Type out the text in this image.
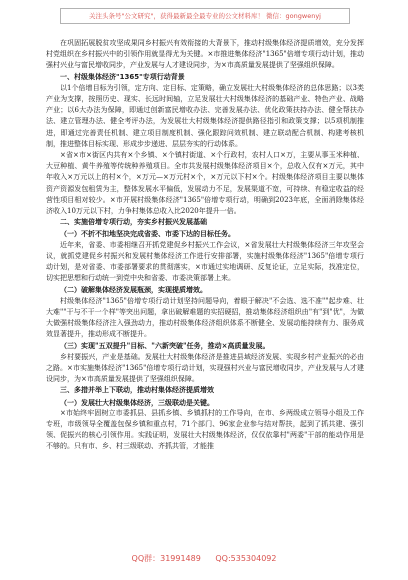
关注头条号"公文研究"，获得最新最全最专业的公文材料库！ 微信：gongwenyj

在巩固拓展脱贫攻坚成果同乡村振兴有效衔接的大背景下，推动村级集体经济提质增效，充分发挥村党组织在乡村振兴中的引领作用就显得尤为关键。×市推进集体经济"1365"倍增专项行动计划，推动强村兴业与富民增收同步，产业发展与人才建设同步，为×市高质量发展提供了坚强组织保障。

一、村级集体经济"1365"专项行动背景

以1个倍增目标为引领，定方向、定目标、定策略，确立发展壮大村级集体经济的总体思路；以3类产业为支撑，按照历史、现实、长远时间轴，立足发展壮大村级集体经济的基础产业、特色产业、战略产业；以6大办法为保障，即通过创新富民增收办法、完善发展办法、优化政策扶持办法、健全帮扶办法、建立管理办法、健全考评办法，为发展壮大村级集体经济提供路径指引和政策支撑；以5项机制推进，即通过完善责任机制、建立项目制度机制、强化跟踪问效机制、建立联动配合机制、构建考核机制，推进整体目标实现、形成步步递进、层层夯实的行动体系。

×省×市×街区内共有×个乡镇、×个镇村街道、×个行政村，农村人口×万，主要从事玉米种植、大豆种植、黄牛养殖等传统种养殖项目。全市共发展村级集体经济项目×个，总收入仅有×万元，其中年收入×万元以上的村×个，×万元—×万元村×个，×万元以下村×个。村级集体经济项目主要以集体资产资源发包租赁为主，整体发展水平偏低，发展动力不足，发展渠道不宽，可持续、有稳定收益的经营性项目相对较少。×市开展村级集体经济"1365"倍增专项行动，明确到2023年底，全面消除集体经济收入10万元以下村，力争村集体总收入比2020年提升一倍。

二、实施倍增专项行动，夯实乡村振兴发展基础

（一）不折不扣地坚决完成省委、市委下达的目标任务。

近年来，省委、市委相继召开抓党建促乡村振兴工作会议，×省发展壮大村级集体经济三年攻坚会议，就抓党建促乡村振兴和发展村集体经济工作进行安排部署，实施村级集体经济"1365"倍增专项行动计划，是对省委、市委部署要求的贯彻落实，×市通过实地调研、反复论证，立足实际，找准定位，切实把思想和行动统一到党中央和省委、市委决策部署上来。

（二）破解集体经济发展瓶颈，实现提质增效。

村级集体经济"1365"倍增专项行动计划坚持问题导向，着眼于解决"不会选、选不准""起步难、壮大难""干与不干一个样"等突出问题，拿出破解难题的实招硬招，推动集体经济组织由"有"到"优"，为做大做强村级集体经济注入强劲动力，推动村级集体经济组织体系不断健全、发展动能持续有力、服务成效显著提升，推动形成不断提升。

（三）实现"五双提升"目标、"六新突破"任务，推动×高质量发展。

乡村要振兴，产业是基础。发展壮大村级集体经济是推进县域经济发展、实现乡村产业振兴的必由之路。×市实施集体经济"1365"倍增专项行动计划，实现强村兴业与富民增收同步，产业发展与人才建设同步，为×市高质量发展提供了坚强组织保障。

三、多措并举上下联动，推动村集体经济提质增效

（一）发展壮大村级集体经济，三级联动是关键。

×市始终牢固树立市委抓县、县抓乡镇、乡镇抓村的工作导向，在市、乡两级成立领导小组及工作专班，市级领导全覆盖包保乡镇和重点村，71个部门、96家企业参与结对帮扶，起到了抓共建、强引领、促振兴的核心引领作用。实践证明，发展壮大村级集体经济，仅仅依靠村"两委"干部的能动作用是不够的。只有市、乡、村三级联动、齐抓共管，才能推

QQ群：31991489 QQ:535304092
